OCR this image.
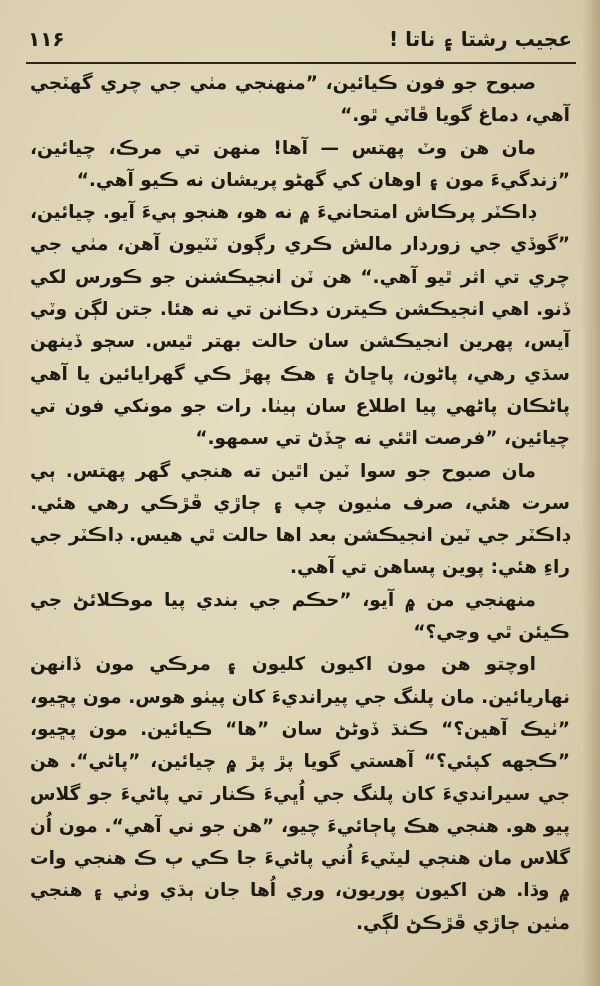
۱۱۶	عجيب رشتا ۽ ناتا !

صبوح جو فون ڪيائين، ”منهنجي مٺي جي چري گهٽجي آهي، دماغ گويا ڦاٽي ٿو.“

مان هن وٽ پهتس — آها! منهن تي مرڪ، چيائين، ”زندگيءَ مون ۽ اوهان کي گهڻو پريشان نه ڪيو آهي.“

ڊاڪٽر پرڪاش امتحانيءَ ۾ نه هو، هنجو ٻيءَ آيو. چيائين، ”گوڏي جي زوردار مالش ڪري رڳون ٽٽيون آهن، مٺي جي چري تي اثر ٿيو آهي.“ هن ٽن انجيڪشنن جو ڪورس لکي ڏنو. اهي انجيڪشن ڪيترن دڪانن تي نه هئا. جتن لڳن وٽي آيس، پهرين انجيڪشن سان حالت بهتر ٿيس. سڄو ڏينهن سڌي رهي، پاڻون، پاڇاڻ ۽ هڪ پهڙ ڪي گهرايائين يا آهي پاڻڪان پاڻهي پيا اطلاع سان ٻيٺا. رات جو مونکي فون تي چيائين، ”فرصت اٿئي نه ڇڏڻ تي سمهو.“

مان صبوح جو سوا ٽين اٿين ته هنجي گهر پهتس. ٻي سرت هئي، صرف مٺيون چپ ۽ ڄاڙي ڦڙڪي رهي هئي. ڊاڪٽر جي ٽين انجيڪشن بعد اها حالت ٿي هيس. ڊاڪٽر جي راءِ هئي: پوين پساهن تي آهي.

منهنجي من ۾ آيو، ”حڪم جي بندي پيا موڪلائڻ جي ڪيئن ٿي وڃي؟“

اوچتو هن مون اکيون کليون ۽ مرڪي مون ڏانهن نهاريائين. مان پلنگ جي پيرانديءَ کان پيٺو هوس. مون پڇيو، ”ٺيڪ آهين؟“ ڪنڌ ڏوڻڻ سان ”ها“ ڪيائين. مون پڇيو، ”ڪجهه کپئي؟“ آهستي گويا پڙ پڙ ۾ چيائين، ”پاڻي“. هن جي سيرانديءَ کان پلنگ جي اُڀيءَ ڪنار تي پاڻيءَ جو گلاس پيو هو. هنجي هڪ پاڄائيءَ چيو، ”هن جو ني آهي“. مون اُن گلاس مان هنجي ليٽيءَ اُني پاڻيءَ جا ڪي ٻ ڪ هنجي وات ۾ وڌا. هن اکيون پوريون، وري اُها جان ٻڌي وٺي ۽ هنجي مٺين ڄاڙي ڦڙڪڻ لڳي.
